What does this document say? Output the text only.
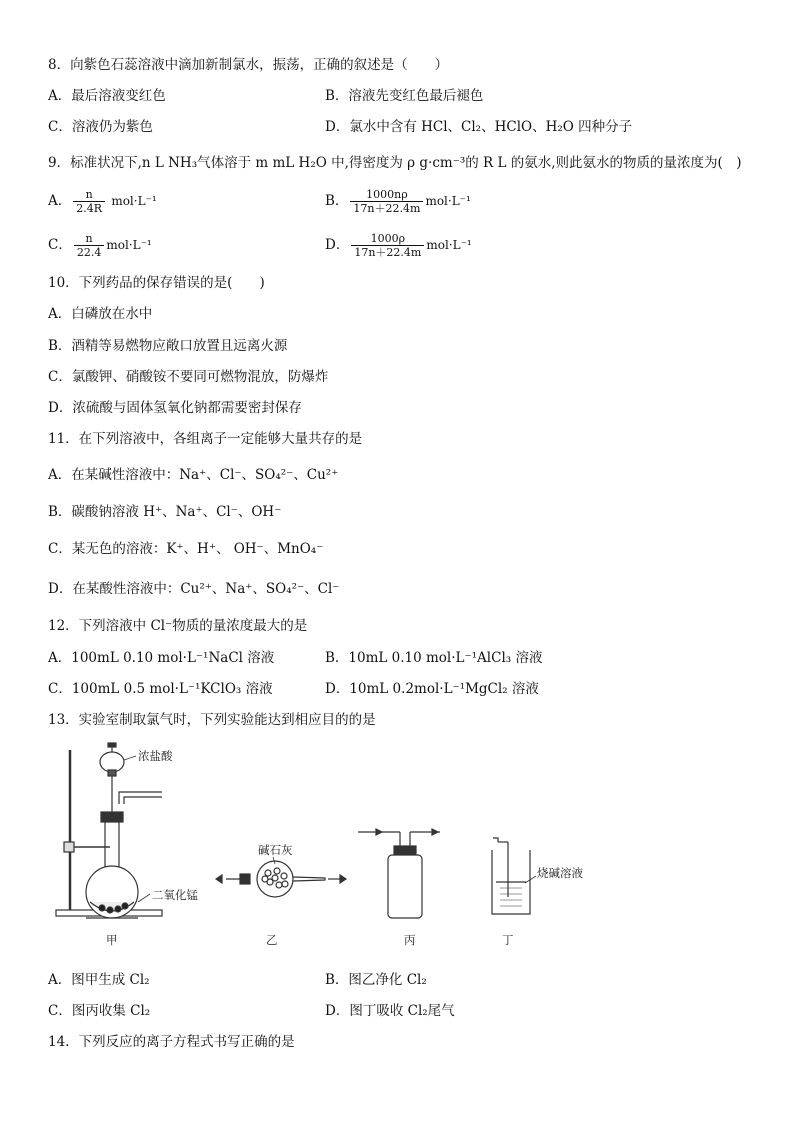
8．向紫色石蕊溶液中滴加新制氯水，振荡，正确的叙述是（　　）
A．最后溶液变红色	B．溶液先变红色最后褪色
C．溶液仍为紫色	D．氯水中含有 HCl、Cl₂、HClO、H₂O 四种分子
9．标准状况下,n L NH₃气体溶于 m mL H₂O 中,得密度为 ρ g·cm⁻³的 R L 的氨水,则此氨水的物质的量浓度为(　)
A． $\frac{n}{2.4R} mol\cdot L^{-1}$	B． $\frac{1000n\rho}{17n+22.4m} mol\cdot L^{-1}$
C． $\frac{n}{22.4} mol\cdot L^{-1}$	D． $\frac{1000\rho}{17n+22.4m} mol\cdot L^{-1}$
10．下列药品的保存错误的是(　　)
A．白磷放在水中
B．酒精等易燃物应敞口放置且远离火源
C．氯酸钾、硝酸铵不要同可燃物混放，防爆炸
D．浓硫酸与固体氢氧化钠都需要密封保存
11．在下列溶液中，各组离子一定能够大量共存的是
A．在某碱性溶液中：Na⁺、Cl⁻、SO₄²⁻、Cu²⁺
B．碳酸钠溶液 H⁺、Na⁺、Cl⁻、OH⁻
C．某无色的溶液：K⁺、H⁺、 OH⁻、MnO₄⁻
D．在某酸性溶液中：Cu²⁺、Na⁺、SO₄²⁻、Cl⁻
12．下列溶液中 Cl⁻物质的量浓度最大的是
A．100mL 0.10 mol·L⁻¹NaCl 溶液	B．10mL 0.10 mol·L⁻¹AlCl₃ 溶液
C．100mL 0.5 mol·L⁻¹KClO₃ 溶液	D．10mL 0.2mol·L⁻¹MgCl₂ 溶液
13．实验室制取氯气时，下列实验能达到相应目的的是
浓盐酸
二氧化锰
甲
碱石灰
乙	丙
烧碱溶液
丁
A．图甲生成 Cl₂	B．图乙净化 Cl₂
C．图丙收集 Cl₂	D．图丁吸收 Cl₂尾气
14．下列反应的离子方程式书写正确的是
